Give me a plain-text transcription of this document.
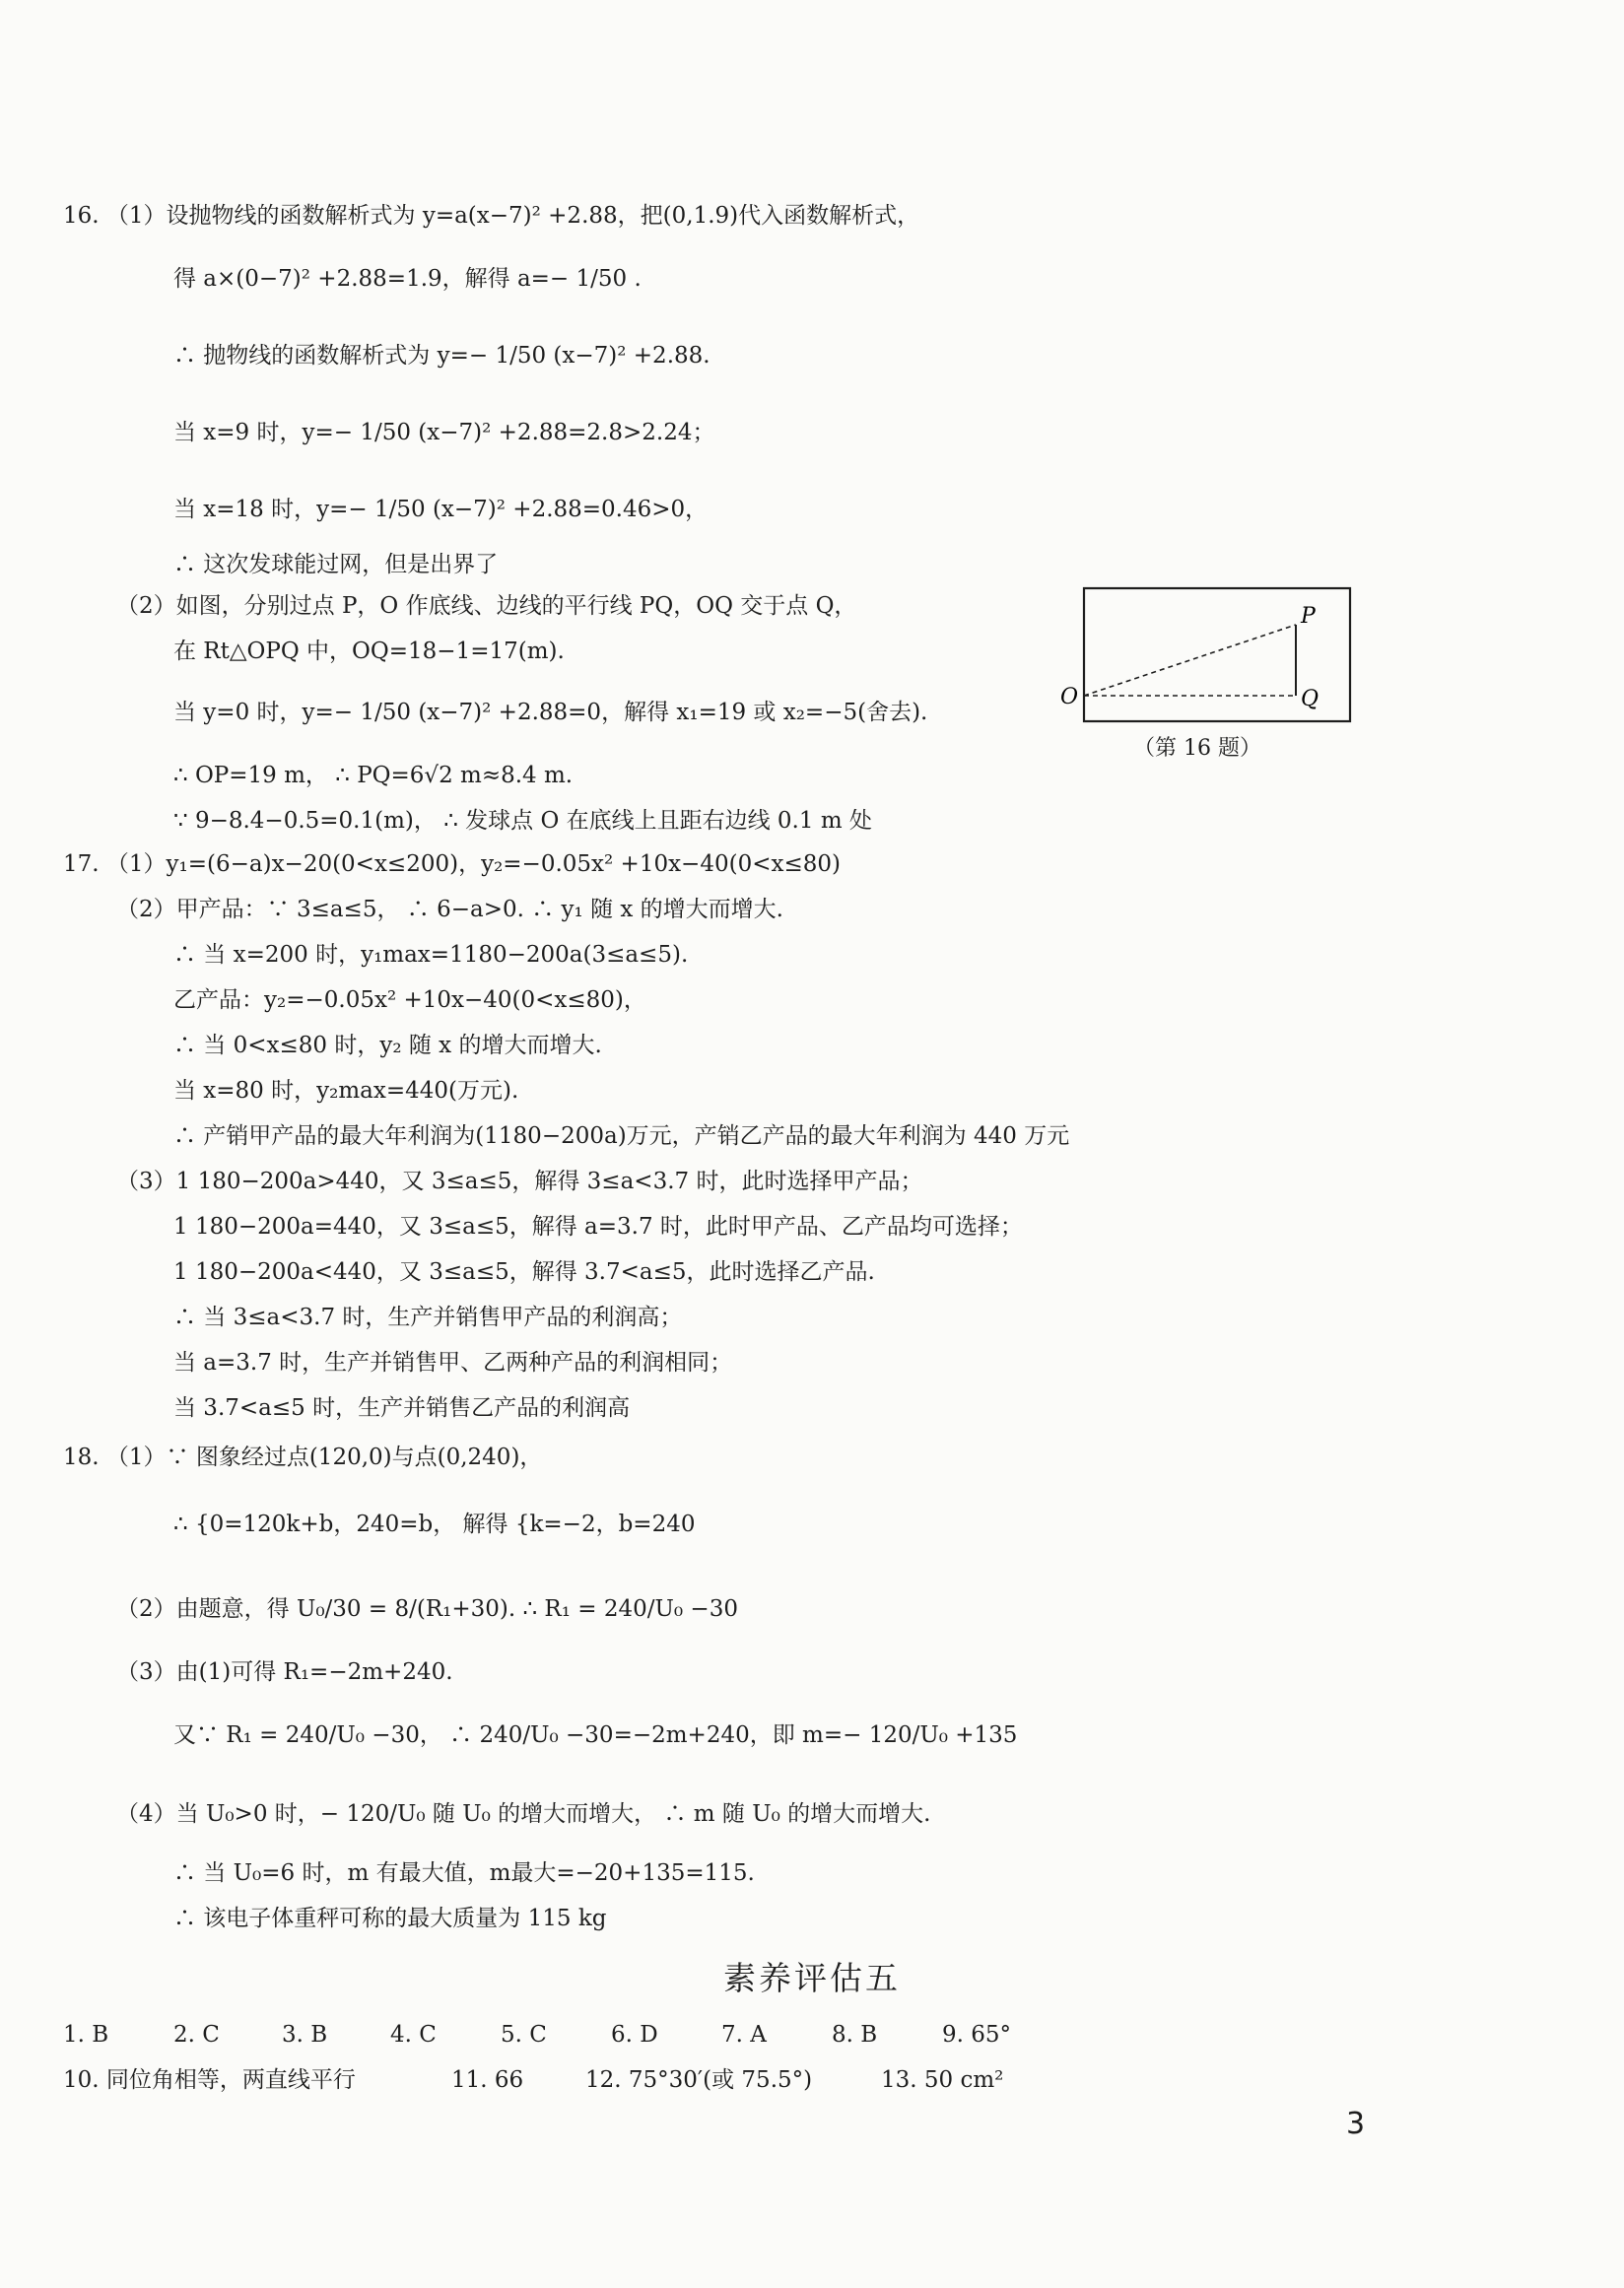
16. （1）设抛物线的函数解析式为 y=a(x−7)² +2.88，把(0,1.9)代入函数解析式，
得 a×(0−7)² +2.88=1.9，解得 a=− 1/50 .
∴ 抛物线的函数解析式为 y=− 1/50 (x−7)² +2.88.
当 x=9 时，y=− 1/50 (x−7)² +2.88=2.8>2.24；
当 x=18 时，y=− 1/50 (x−7)² +2.88=0.46>0，
∴ 这次发球能过网，但是出界了
（2）如图，分别过点 P，O 作底线、边线的平行线 PQ，OQ 交于点 Q，
在 Rt△OPQ 中，OQ=18−1=17(m).
当 y=0 时，y=− 1/50 (x−7)² +2.88=0，解得 x₁=19 或 x₂=−5(舍去).
∴ OP=19 m， ∴ PQ=6√2 m≈8.4 m.
∵ 9−8.4−0.5=0.1(m)， ∴ 发球点 O 在底线上且距右边线 0.1 m 处
P
O	Q
（第 16 题）
17. （1）y₁=(6−a)x−20(0<x≤200)，y₂=−0.05x² +10x−40(0<x≤80)
（2）甲产品：∵ 3≤a≤5， ∴ 6−a>0. ∴ y₁ 随 x 的增大而增大.
∴ 当 x=200 时，y₁max=1180−200a(3≤a≤5).
乙产品：y₂=−0.05x² +10x−40(0<x≤80)，
∴ 当 0<x≤80 时，y₂ 随 x 的增大而增大.
当 x=80 时，y₂max=440(万元).
∴ 产销甲产品的最大年利润为(1180−200a)万元，产销乙产品的最大年利润为 440 万元
（3）1 180−200a>440，又 3≤a≤5，解得 3≤a<3.7 时，此时选择甲产品；
1 180−200a=440，又 3≤a≤5，解得 a=3.7 时，此时甲产品、乙产品均可选择；
1 180−200a<440，又 3≤a≤5，解得 3.7<a≤5，此时选择乙产品.
∴ 当 3≤a<3.7 时，生产并销售甲产品的利润高；
当 a=3.7 时，生产并销售甲、乙两种产品的利润相同；
当 3.7<a≤5 时，生产并销售乙产品的利润高
18. （1）∵ 图象经过点(120,0)与点(0,240)，
∴ {0=120k+b，240=b， 解得 {k=−2，b=240
（2）由题意，得 U₀/30 = 8/(R₁+30). ∴ R₁ = 240/U₀ −30
（3）由(1)可得 R₁=−2m+240.
又∵ R₁ = 240/U₀ −30， ∴ 240/U₀ −30=−2m+240，即 m=− 120/U₀ +135
（4）当 U₀>0 时，− 120/U₀ 随 U₀ 的增大而增大， ∴ m 随 U₀ 的增大而增大.
∴ 当 U₀=6 时，m 有最大值，m最大=−20+135=115.
∴ 该电子体重秤可称的最大质量为 115 kg
素养评估五
1. B	2. C	3. B	4. C	5. C	6. D	7. A	8. B	9. 65°
10. 同位角相等，两直线平行	11. 66	12. 75°30′(或 75.5°)	13. 50 cm²
3
